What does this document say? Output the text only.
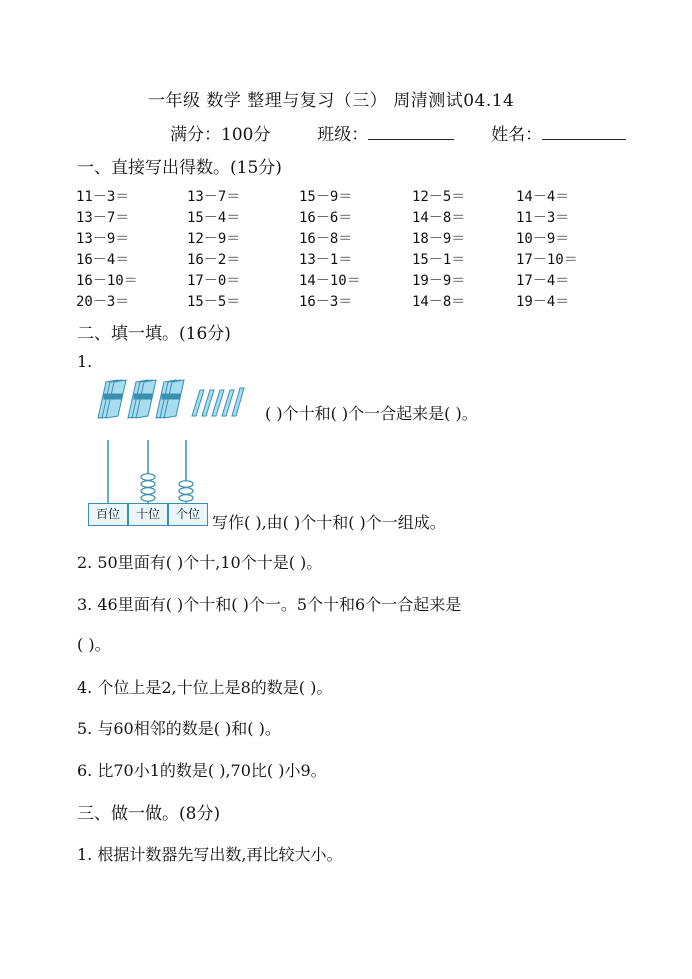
一年级 数学 整理与复习（三） 周清测试04.14
满分：100分	班级：	姓名：
一、直接写出得数。(15分)
11－3＝	13－7＝	15－9＝	12－5＝	14－4＝
13－7＝	15－4＝	16－6＝	14－8＝	11－3＝
13－9＝	12－9＝	16－8＝	18－9＝	10－9＝
16－4＝	16－2＝	13－1＝	15－1＝	17－10＝
16－10＝	17－0＝	14－10＝	19－9＝	17－4＝
20－3＝	15－5＝	16－3＝	14－8＝	19－4＝
二、填一填。(16分)
1.
( )个十和( )个一合起来是( )。
百位	十位	个位 写作( ),由( )个十和( )个一组成。
2. 50里面有( )个十,10个十是( )。
3. 46里面有( )个十和( )个一。5个十和6个一合起来是
( )。
4. 个位上是2,十位上是8的数是( )。
5. 与60相邻的数是( )和( )。
6. 比70小1的数是( ),70比( )小9。
三、做一做。(8分)
1. 根据计数器先写出数,再比较大小。
